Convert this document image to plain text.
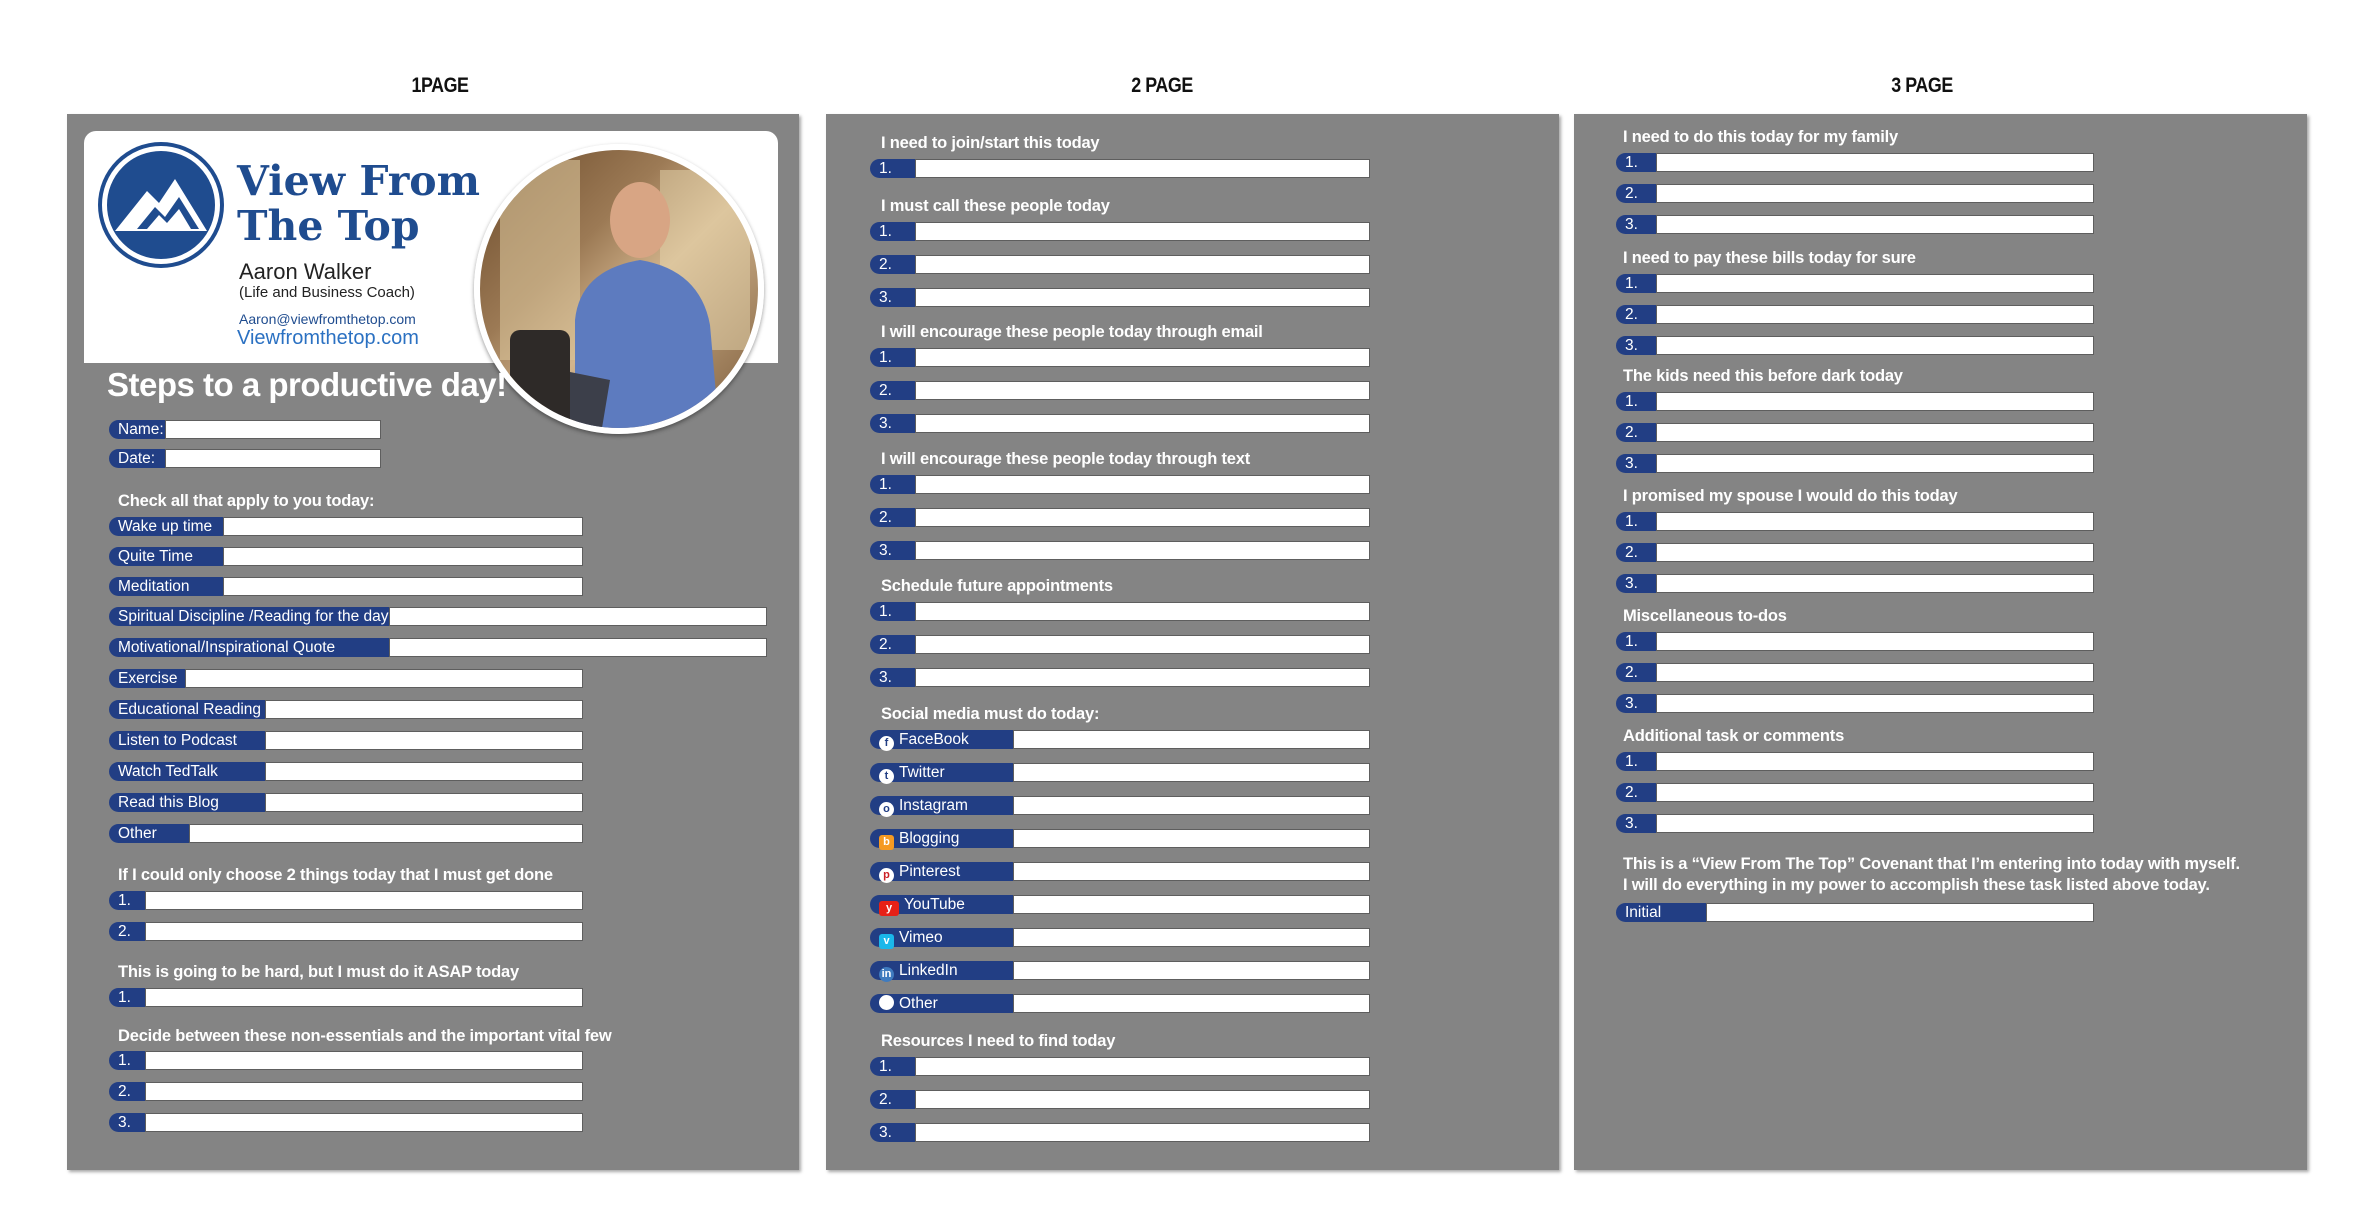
1PAGE	2 PAGE	3 PAGE
View From
The Top
Aaron Walker
(Life and Business Coach)
Aaron@viewfromthetop.com
Viewfromthetop.com
Steps to a productive day!
Name:
Date:
Check all that apply to you today:
Wake up time
Quite Time
Meditation
Spiritual Discipline /Reading for the day
Motivational/Inspirational Quote
Exercise
Educational Reading
Listen to Podcast
Watch TedTalk
Read this Blog
Other
If I could only choose 2 things today that I must get done
1.
2.
This is going to be hard, but I must do it ASAP today
1.
Decide between these non-essentials and the important vital few
1.
2.
3.
I need to join/start this today
1.
I must call these people today
1.
2.
3.
I will encourage these people today through email
1.
2.
3.
I will encourage these people today through text
1.
2.
3.
Schedule future appointments
1.
2.
3.
Social media must do today:
f FaceBook
t Twitter
o Instagram
b Blogging
p Pinterest
y YouTube
v Vimeo
in LinkedIn
Other
Resources I need to find today
1.
2.
3.
I need to do this today for my family
1.
2.
3.
I need to pay these bills today for sure
1.
2.
3.
The kids need this before dark today
1.
2.
3.
I promised my spouse I would do this today
1.
2.
3.
Miscellaneous to-dos
1.
2.
3.
Additional task or comments
1.
2.
3.
This is a “View From The Top” Covenant that I’m entering into today with myself.
I will do everything in my power to accomplish these task listed above today.
Initial
